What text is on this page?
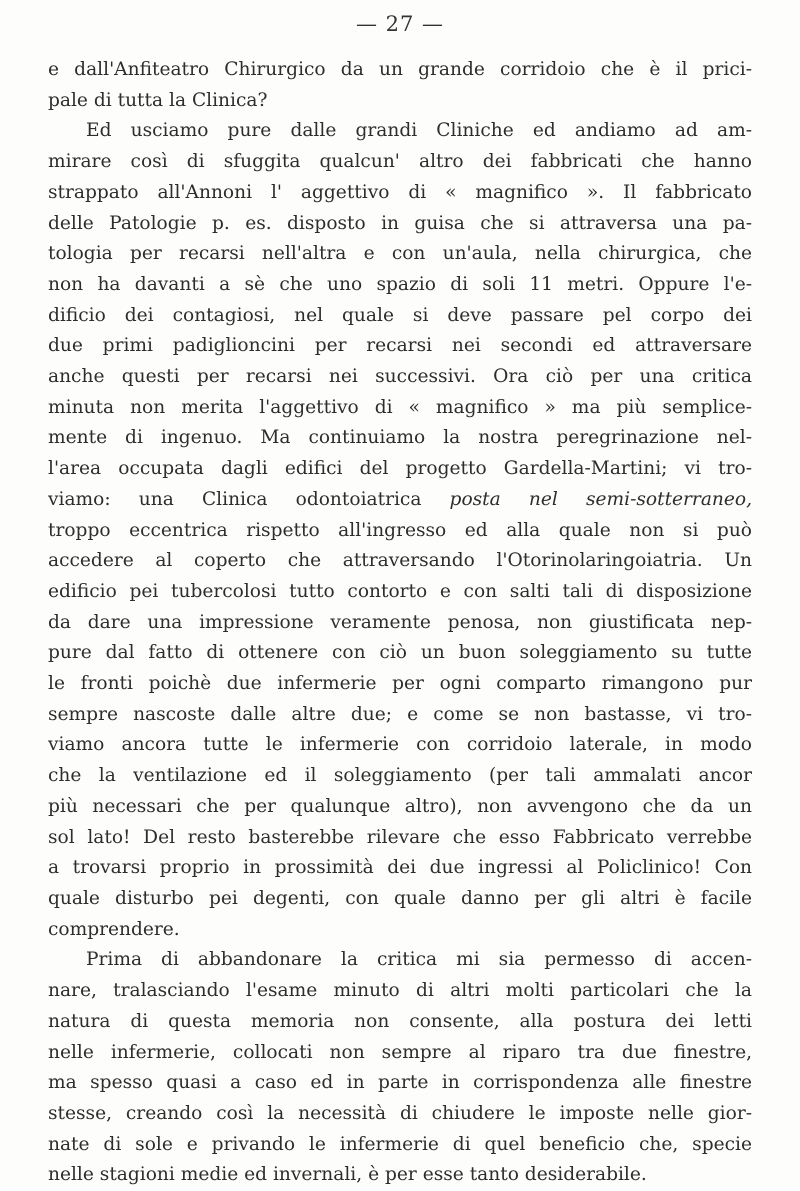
— 27 —

e dall'Anfiteatro Chirurgico da un grande corridoio che è il prici-
pale di tutta la Clinica?

Ed usciamo pure dalle grandi Cliniche ed andiamo ad am-
mirare così di sfuggita qualcun' altro dei fabbricati che hanno
strappato all'Annoni l' aggettivo di « magnifico ». Il fabbricato
delle Patologie p. es. disposto in guisa che si attraversa una pa-
tologia per recarsi nell'altra e con un'aula, nella chirurgica, che
non ha davanti a sè che uno spazio di soli 11 metri. Oppure l'e-
dificio dei contagiosi, nel quale si deve passare pel corpo dei
due primi padiglioncini per recarsi nei secondi ed attraversare
anche questi per recarsi nei successivi. Ora ciò per una critica
minuta non merita l'aggettivo di « magnifico » ma più semplice-
mente di ingenuo. Ma continuiamo la nostra peregrinazione nel-
l'area occupata dagli edifici del progetto Gardella-Martini; vi tro-
viamo: una Clinica odontoiatrica posta nel semi-sotterraneo,
troppo eccentrica rispetto all'ingresso ed alla quale non si può
accedere al coperto che attraversando l'Otorinolaringoiatria. Un
edificio pei tubercolosi tutto contorto e con salti tali di disposizione
da dare una impressione veramente penosa, non giustificata nep-
pure dal fatto di ottenere con ciò un buon soleggiamento su tutte
le fronti poichè due infermerie per ogni comparto rimangono pur
sempre nascoste dalle altre due; e come se non bastasse, vi tro-
viamo ancora tutte le infermerie con corridoio laterale, in modo
che la ventilazione ed il soleggiamento (per tali ammalati ancor
più necessari che per qualunque altro), non avvengono che da un
sol lato! Del resto basterebbe rilevare che esso Fabbricato verrebbe
a trovarsi proprio in prossimità dei due ingressi al Policlinico! Con
quale disturbo pei degenti, con quale danno per gli altri è facile
comprendere.

Prima di abbandonare la critica mi sia permesso di accen-
nare, tralasciando l'esame minuto di altri molti particolari che la
natura di questa memoria non consente, alla postura dei letti
nelle infermerie, collocati non sempre al riparo tra due finestre,
ma spesso quasi a caso ed in parte in corrispondenza alle finestre
stesse, creando così la necessità di chiudere le imposte nelle gior-
nate di sole e privando le infermerie di quel beneficio che, specie
nelle stagioni medie ed invernali, è per esse tanto desiderabile.
